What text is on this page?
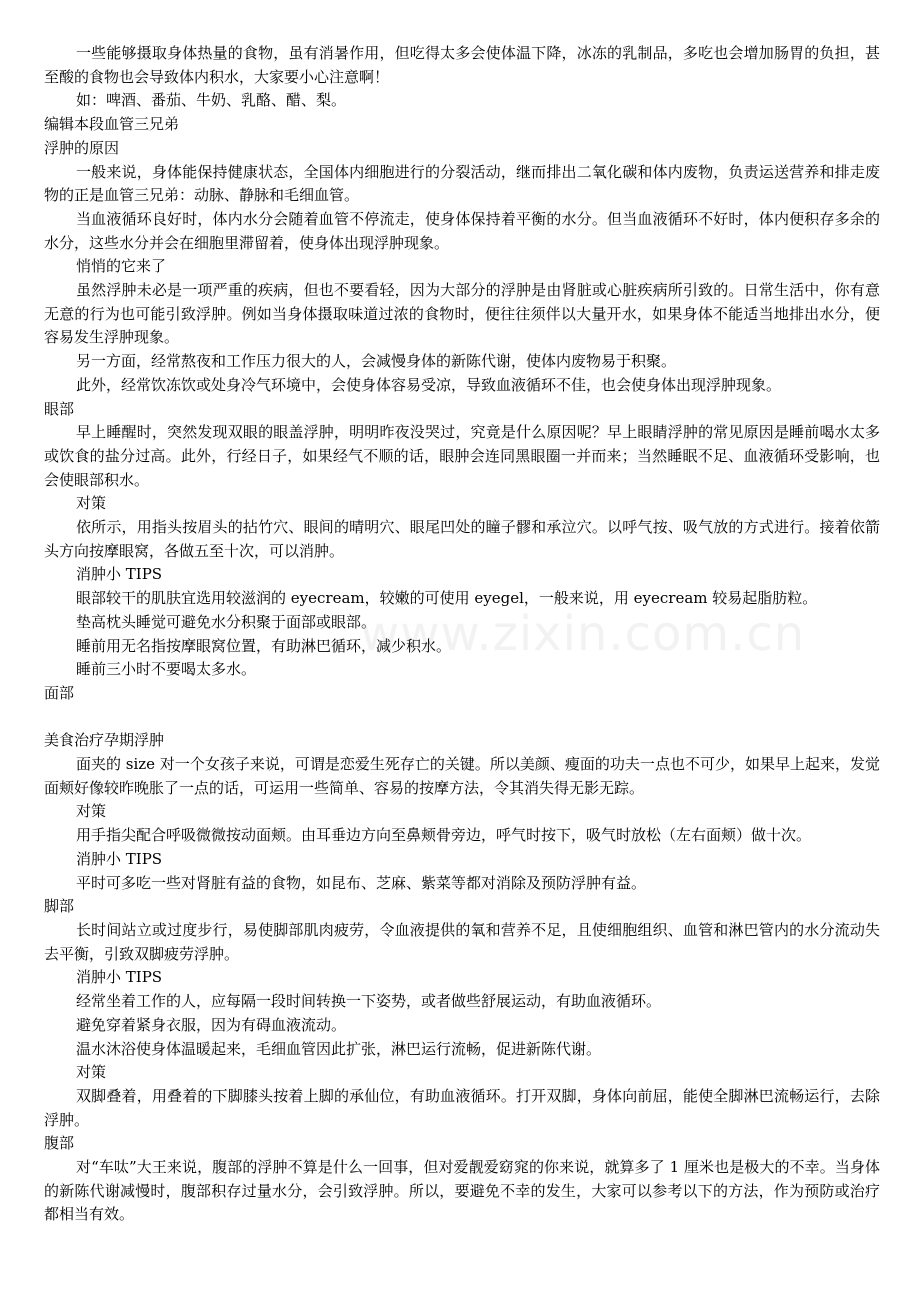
一些能够摄取身体热量的食物，虽有消暑作用，但吃得太多会使体温下降，冰冻的乳制品，多吃也会增加肠胃的负担，甚至酸的食物也会导致体内积水，大家要小心注意啊！

如：啤酒、番茄、牛奶、乳酪、醋、梨。

编辑本段血管三兄弟

浮肿的原因

一般来说，身体能保持健康状态，全国体内细胞进行的分裂活动，继而排出二氧化碳和体内废物，负责运送营养和排走废物的正是血管三兄弟：动脉、静脉和毛细血管。

当血液循环良好时，体内水分会随着血管不停流走，使身体保持着平衡的水分。但当血液循环不好时，体内便积存多余的水分，这些水分并会在细胞里滞留着，使身体出现浮肿现象。

悄悄的它来了

虽然浮肿未必是一项严重的疾病，但也不要看轻，因为大部分的浮肿是由肾脏或心脏疾病所引致的。日常生活中，你有意无意的行为也可能引致浮肿。例如当身体摄取味道过浓的食物时，便往往须伴以大量开水，如果身体不能适当地排出水分，便容易发生浮肿现象。

另一方面，经常熬夜和工作压力很大的人，会减慢身体的新陈代谢，使体内废物易于积聚。

此外，经常饮冻饮或处身冷气环境中，会使身体容易受凉，导致血液循环不佳，也会使身体出现浮肿现象。

眼部

早上睡醒时，突然发现双眼的眼盖浮肿，明明昨夜没哭过，究竟是什么原因呢？早上眼睛浮肿的常见原因是睡前喝水太多或饮食的盐分过高。此外，行经日子，如果经气不顺的话，眼肿会连同黑眼圈一并而来；当然睡眠不足、血液循环受影响，也会使眼部积水。

对策

依所示，用指头按眉头的拈竹穴、眼间的晴明穴、眼尾凹处的瞳子髎和承泣穴。以呼气按、吸气放的方式进行。接着依箭头方向按摩眼窝，各做五至十次，可以消肿。

消肿小 TIPS

眼部较干的肌肤宜选用较滋润的 eyecream，较嫩的可使用 eyegel，一般来说，用 eyecream 较易起脂肪粒。

垫高枕头睡觉可避免水分积聚于面部或眼部。

睡前用无名指按摩眼窝位置，有助淋巴循环，减少积水。

睡前三小时不要喝太多水。

面部

美食治疗孕期浮肿

面夹的 size 对一个女孩子来说，可谓是恋爱生死存亡的关键。所以美颜、瘦面的功夫一点也不可少，如果早上起来，发觉面颊好像较昨晚胀了一点的话，可运用一些简单、容易的按摩方法，令其消失得无影无踪。

对策

用手指尖配合呼吸微微按动面颊。由耳垂边方向至鼻颊骨旁边，呼气时按下，吸气时放松（左右面颊）做十次。

消肿小 TIPS

平时可多吃一些对肾脏有益的食物，如昆布、芝麻、紫菜等都对消除及预防浮肿有益。

脚部

长时间站立或过度步行，易使脚部肌肉疲劳，令血液提供的氧和营养不足，且使细胞组织、血管和淋巴管内的水分流动失去平衡，引致双脚疲劳浮肿。

消肿小 TIPS

经常坐着工作的人，应每隔一段时间转换一下姿势，或者做些舒展运动，有助血液循环。

避免穿着紧身衣服，因为有碍血液流动。

温水沐浴使身体温暖起来，毛细血管因此扩张，淋巴运行流畅，促进新陈代谢。

对策

双脚叠着，用叠着的下脚膝头按着上脚的承仙位，有助血液循环。打开双脚，身体向前屈，能使全脚淋巴流畅运行，去除浮肿。

腹部

对“车呔”大王来说，腹部的浮肿不算是什么一回事，但对爱靓爱窈窕的你来说，就算多了 1 厘米也是极大的不幸。当身体的新陈代谢减慢时，腹部积存过量水分，会引致浮肿。所以，要避免不幸的发生，大家可以参考以下的方法，作为预防或治疗都相当有效。

www.zixin.com.cn
